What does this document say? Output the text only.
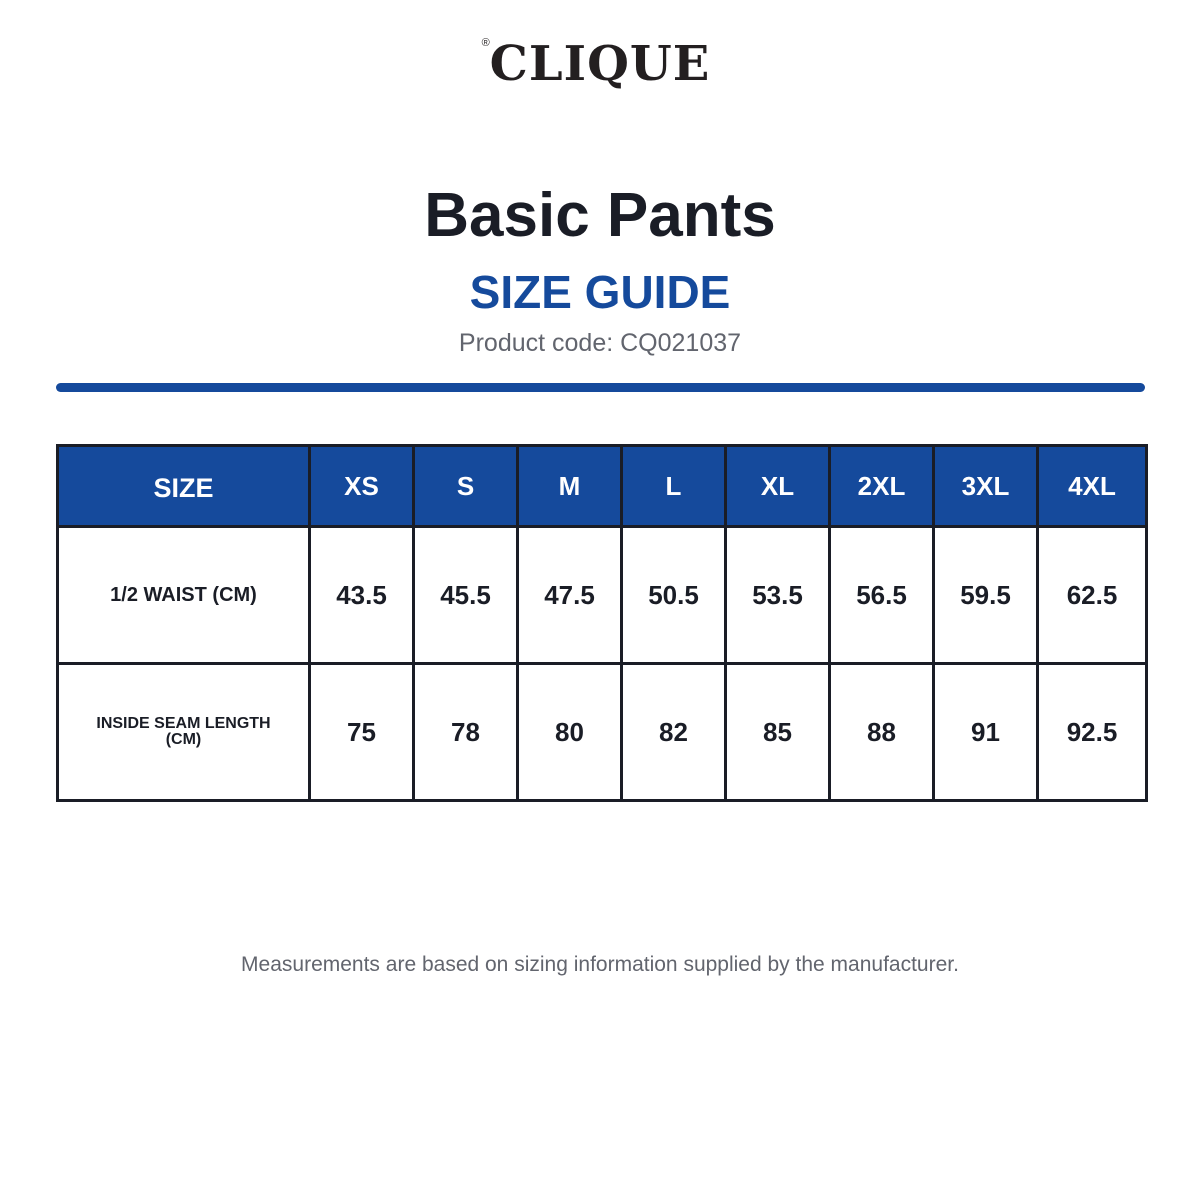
®
CLIQUE
Basic Pants
SIZE GUIDE
Product code: CQ021037
SIZE	XS	S	M	L	XL	2XL	3XL	4XL
1/2 WAIST (CM)	43.5	45.5	47.5	50.5	53.5	56.5	59.5	62.5

INSIDE SEAM LENGTH
(CM)	75	78	80	82	85	88	91	92.5
Measurements are based on sizing information supplied by the manufacturer.
